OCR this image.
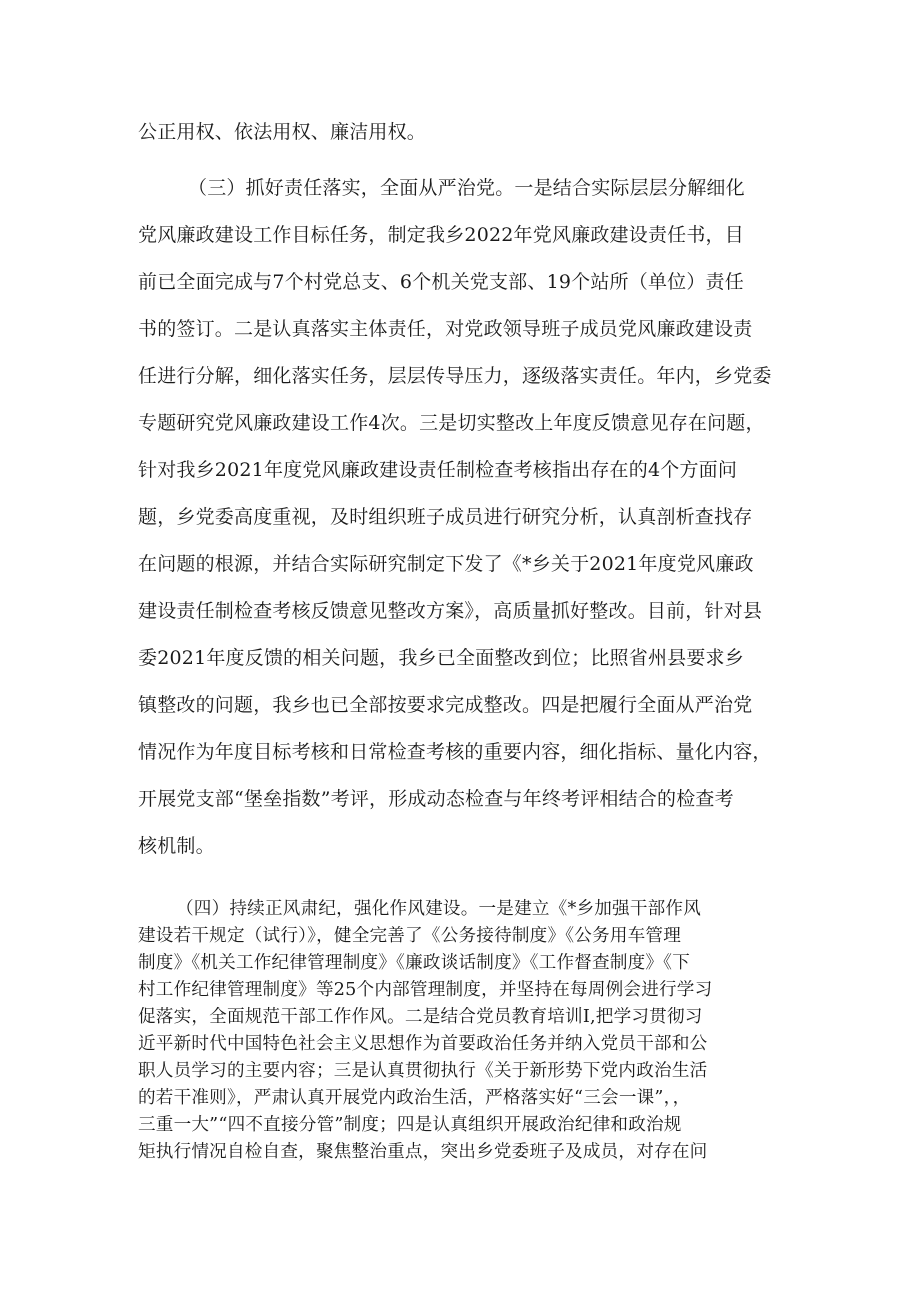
公正用权、依法用权、廉洁用权。
（三）抓好责任落实，全面从严治党。一是结合实际层层分解细化
党风廉政建设工作目标任务，制定我乡2022年党风廉政建设责任书，目
前已全面完成与7个村党总支、6个机关党支部、19个站所（单位）责任
书的签订。二是认真落实主体责任，对党政领导班子成员党风廉政建设责
任进行分解，细化落实任务，层层传导压力，逐级落实责任。年内，乡党委
专题研究党风廉政建设工作4次。三是切实整改上年度反馈意见存在问题，
针对我乡2021年度党风廉政建设责任制检查考核指出存在的4个方面问
题，乡党委高度重视，及时组织班子成员进行研究分析，认真剖析查找存
在问题的根源，并结合实际研究制定下发了《*乡关于2021年度党风廉政
建设责任制检查考核反馈意见整改方案》，高质量抓好整改。目前，针对县
委2021年度反馈的相关问题，我乡已全面整改到位；比照省州县要求乡
镇整改的问题，我乡也已全部按要求完成整改。四是把履行全面从严治党
情况作为年度目标考核和日常检查考核的重要内容，细化指标、量化内容，
开展党支部“堡垒指数”考评，形成动态检查与年终考评相结合的检查考
核机制。
（四）持续正风肃纪，强化作风建设。一是建立《*乡加强干部作风
建设若干规定（试行）》，健全完善了《公务接待制度》《公务用车管理
制度》《机关工作纪律管理制度》《廉政谈话制度》《工作督查制度》《下
村工作纪律管理制度》等25个内部管理制度，并坚持在每周例会进行学习
促落实，全面规范干部工作作风。二是结合党员教育培训I,把学习贯彻习
近平新时代中国特色社会主义思想作为首要政治任务并纳入党员干部和公
职人员学习的主要内容；三是认真贯彻执行《关于新形势下党内政治生活
的若干准则》，严肃认真开展党内政治生活，严格落实好“三会一课”，，
三重一大”“四不直接分管”制度；四是认真组织开展政治纪律和政治规
矩执行情况自检自查，聚焦整治重点，突出乡党委班子及成员，对存在问
